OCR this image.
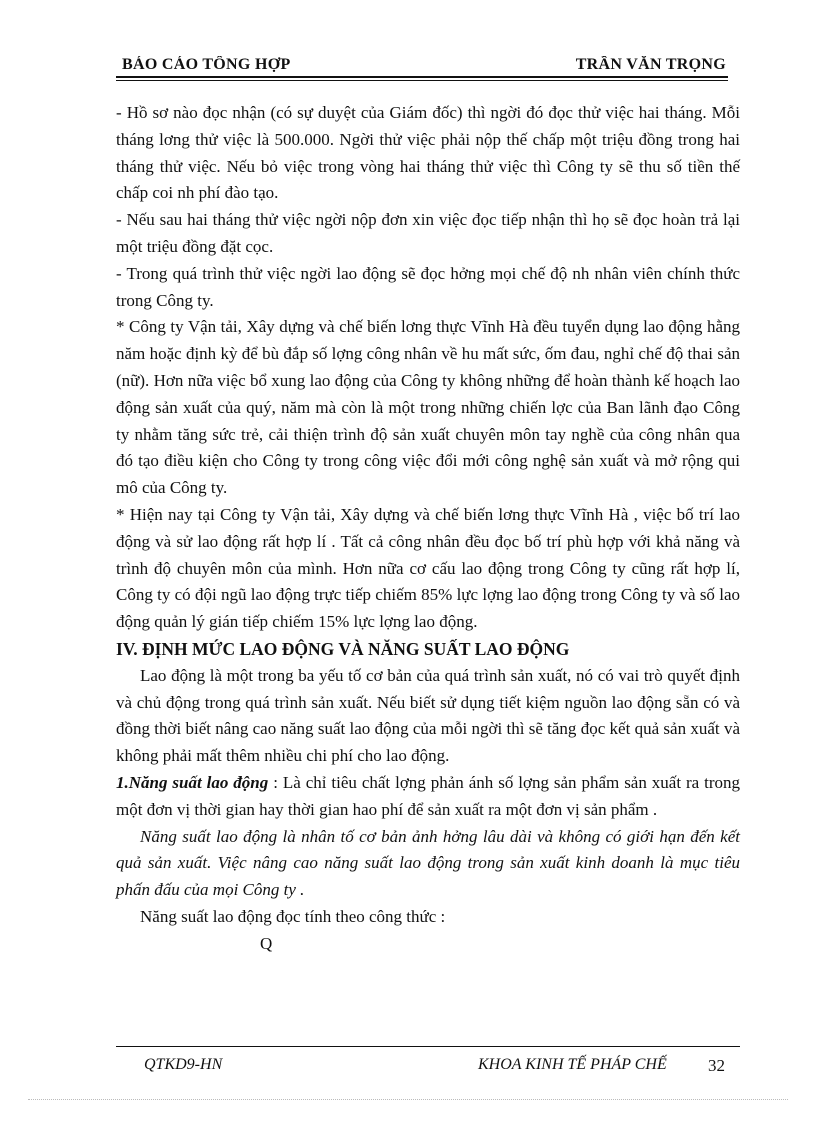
BÁO CÁO TỔNG HỢP	TRẦN VĂN TRỌNG

- Hồ sơ nào đọc nhận (có sự duyệt của Giám đốc) thì ngời đó đọc thử việc hai tháng. Mỗi tháng lơng thử việc là 500.000. Ngời thử việc phải nộp thế chấp một triệu đồng trong hai tháng thử việc. Nếu bỏ việc trong vòng hai tháng thử việc thì Công ty sẽ thu số tiền thế chấp coi nh phí đào tạo.

- Nếu sau hai tháng thử việc ngời nộp đơn xin việc đọc tiếp nhận thì họ sẽ đọc hoàn trả lại một triệu đồng đặt cọc.

- Trong quá trình thử việc ngời lao động sẽ đọc hởng mọi chế độ nh nhân viên chính thức trong Công ty.

* Công ty Vận tải, Xây dựng và chế biến lơng thực Vĩnh Hà đều tuyển dụng lao động hằng năm hoặc định kỳ để bù đắp số lợng công nhân về hu mất sức, ốm đau, nghỉ chế độ thai sản (nữ). Hơn nữa việc bổ xung lao động của Công ty không những để hoàn thành kế hoạch lao động sản xuất của quý, năm mà còn là một trong những chiến lợc của Ban lãnh đạo Công ty nhằm tăng sức trẻ, cải thiện trình độ sản xuất chuyên môn tay nghề của công nhân qua đó tạo điều kiện cho Công ty trong công việc đổi mới công nghệ sản xuất và mở rộng qui mô của Công ty.

* Hiện nay tại Công ty Vận tải, Xây dựng và chế biến lơng thực Vĩnh Hà , việc bố trí lao động và sử lao động rất hợp lí . Tất cả công nhân đều đọc bố trí phù hợp với khả năng và trình độ chuyên môn của mình. Hơn nữa cơ cấu lao động trong Công ty cũng rất hợp lí, Công ty có đội ngũ lao động trực tiếp chiếm 85% lực lợng lao động trong Công ty và số lao động quản lý gián tiếp chiếm 15% lực lợng lao động.

IV. ĐỊNH MỨC LAO ĐỘNG VÀ NĂNG SUẤT LAO ĐỘNG

Lao động là một trong ba yếu tố cơ bản của quá trình sản xuất, nó có vai trò quyết định và chủ động trong quá trình sản xuất. Nếu biết sử dụng tiết kiệm nguồn lao động sẵn có và đồng thời biết nâng cao năng suất lao động của mỗi ngời thì sẽ tăng đọc kết quả sản xuất và không phải mất thêm nhiều chi phí cho lao động.

1.Năng suất lao động : Là chỉ tiêu chất lợng phản ánh số lợng sản phẩm sản xuất ra trong một đơn vị thời gian hay thời gian hao phí để sản xuất ra một đơn vị sản phẩm .

Năng suất lao động là nhân tố cơ bản ảnh hởng lâu dài và không có giới hạn đến kết quả sản xuất. Việc nâng cao năng suất lao động trong sản xuất kinh doanh là mục tiêu phấn đấu của mọi Công ty .

Năng suất lao động đọc tính theo công thức :

Q

QTKD9-HN	KHOA KINH TẾ PHÁP CHẾ 32
